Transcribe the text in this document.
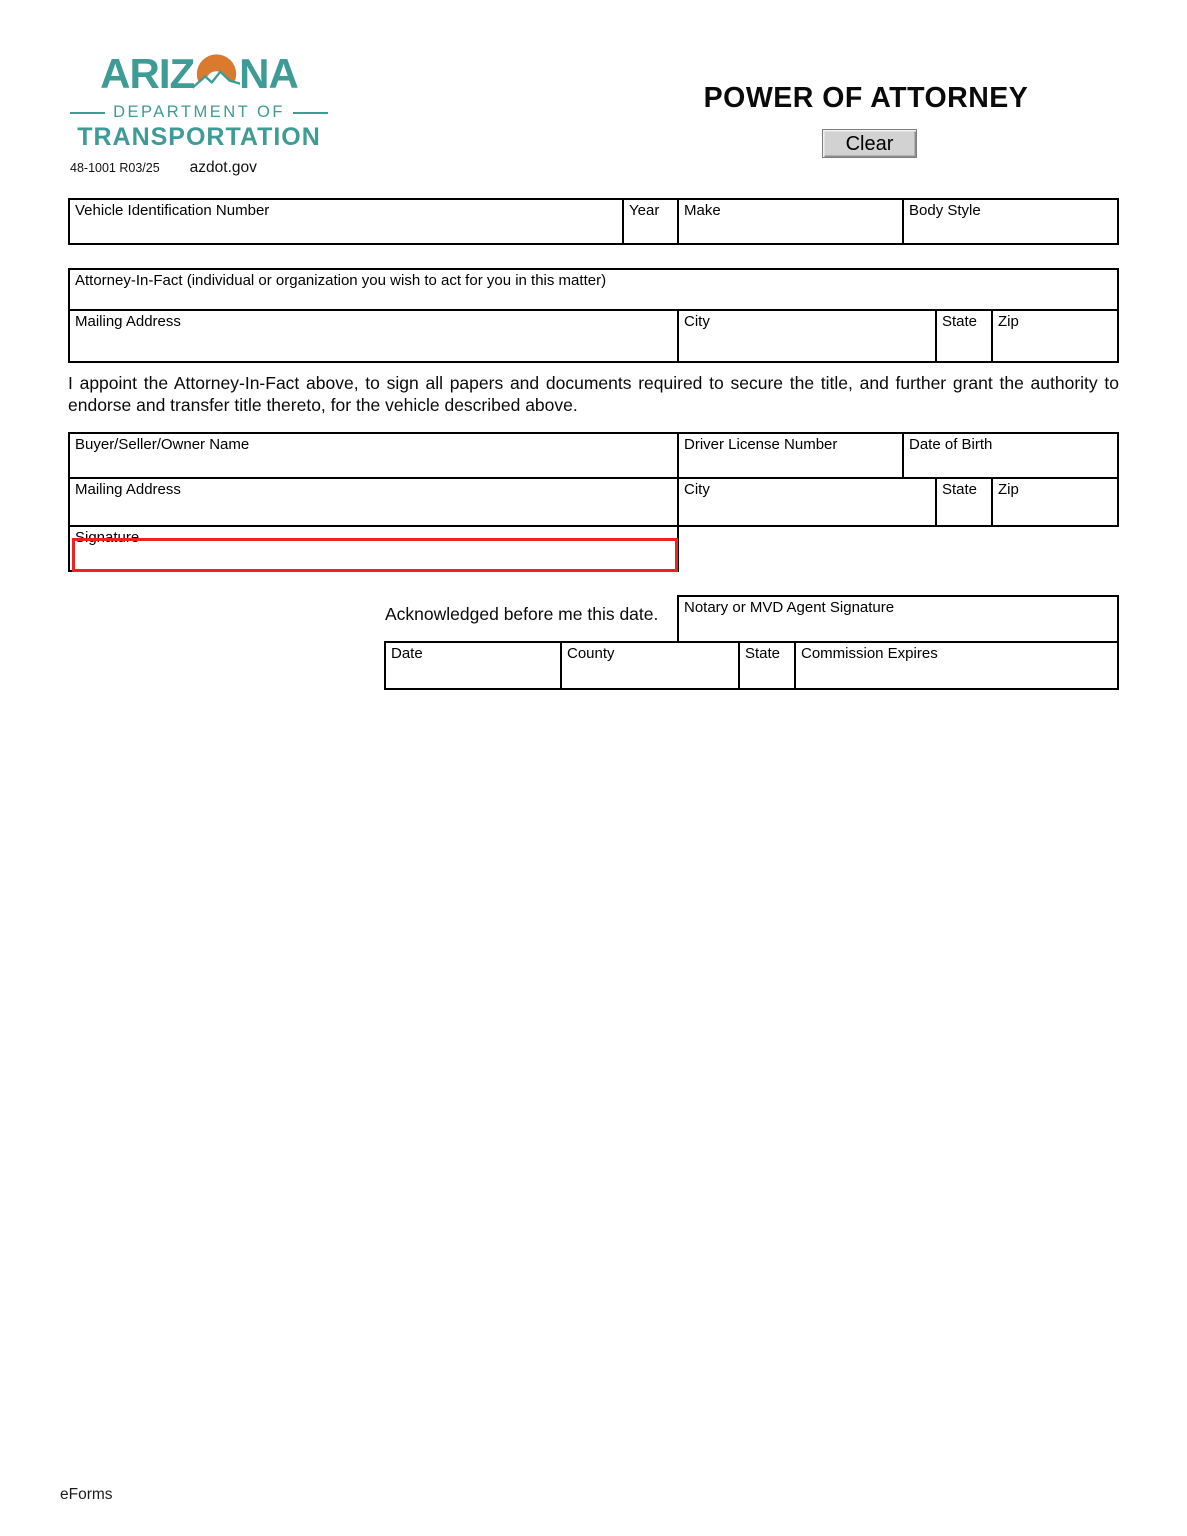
ARIZ NA
DEPARTMENT OF
TRANSPORTATION
48-1001 R03/25 azdot.gov
POWER OF ATTORNEY
Clear
Vehicle Identification Number	Year	Make	Body Style
Attorney-In-Fact (individual or organization you wish to act for you in this matter)
Mailing Address	City	State	Zip
I appoint the Attorney-In-Fact above, to sign all papers and documents required to secure the title, and further grant the authority to endorse and transfer title thereto, for the vehicle described above.
Buyer/Seller/Owner Name	Driver License Number	Date of Birth
Mailing Address	City	State	Zip
Signature
Acknowledged before me this date.	Notary or MVD Agent Signature
Date	County	State	Commission Expires
eForms
